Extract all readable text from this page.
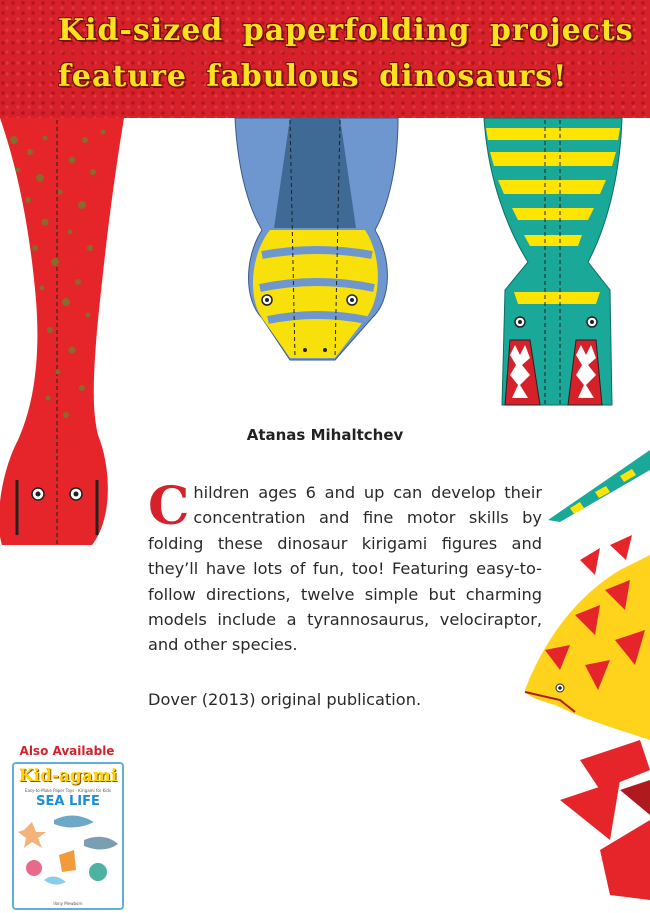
Kid-sized paperfolding projects
feature fabulous dinosaurs!
Atanas Mihaltchev

Children ages 6 and up can develop their concentration and fine motor skills by folding these dinosaur kirigami figures and they’ll have lots of fun, too! Featuring easy-to-follow directions, twelve simple but charming models include a tyrannosaurus, velociraptor, and other species.

Dover (2013) original publication.

Also Available
Kid-agami
Easy-to-Make Paper Toys · Kirigami for Kids
SEA LIFE
Ilony Mewborn
